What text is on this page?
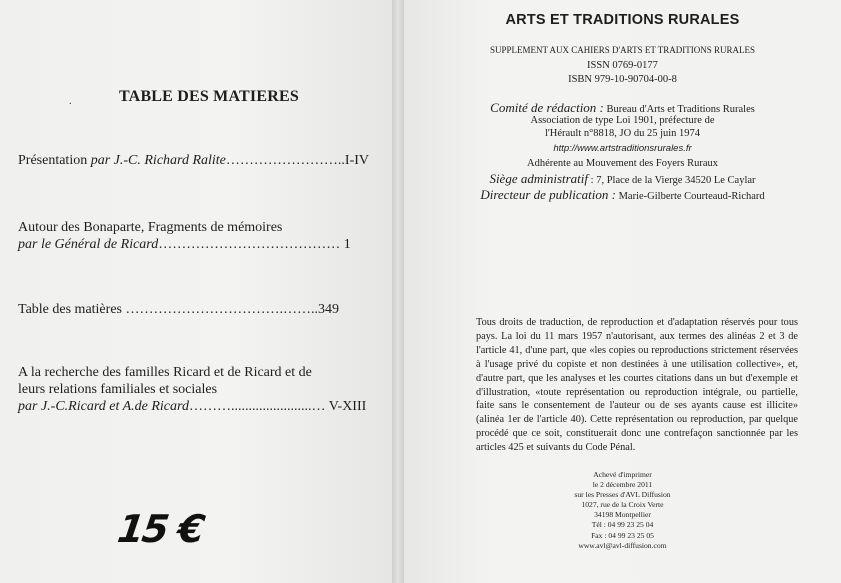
.	TABLE DES MATIERES
Présentation par J.-C. Richard Ralite……………………..I-IV
Autour des Bonaparte, Fragments de mémoires
par le Général de Ricard………………………………… 1
Table des matières …………………………….……..349
A la recherche des familles Ricard et de Ricard et de
leurs relations familiales et sociales
par J.-C.Ricard et A.de Ricard……….......................… V-XIII
15 €
ARTS ET TRADITIONS RURALES
SUPPLEMENT AUX CAHIERS D'ARTS ET TRADITIONS RURALES
ISSN 0769-0177
ISBN 979-10-90704-00-8
Comité de rédaction : Bureau d'Arts et Traditions Rurales
Association de type Loi 1901, préfecture de
l'Hérault n°8818, JO du 25 juin 1974
http://www.artstraditionsrurales.fr
Adhérente au Mouvement des Foyers Ruraux
Siège administratif : 7, Place de la Vierge 34520 Le Caylar
Directeur de publication : Marie-Gilberte Courteaud-Richard
Tous droits de traduction, de reproduction et d'adaptation réservés pour tous pays. La loi du 11 mars 1957 n'autorisant, aux termes des alinéas 2 et 3 de l'article 41, d'une part, que «les copies ou reproductions strictement réservées à l'usage privé du copiste et non destinées à une utilisation collective», et, d'autre part, que les analyses et les courtes citations dans un but d'exemple et d'illustration, «toute représentation ou reproduction intégrale, ou partielle, faite sans le consentement de l'auteur ou de ses ayants cause est illicite» (alinéa 1er de l'article 40). Cette représentation ou reproduction, par quelque procédé que ce soit, constituerait donc une contrefaçon sanctionnée par les articles 425 et suivants du Code Pénal.
Achevé d'imprimer
le 2 décembre 2011
sur les Presses d'AVL Diffusion
1027, rue de la Croix Verte
34198 Montpellier
Tél : 04 99 23 25 04
Fax : 04 99 23 25 05
www.avl@avl-diffusion.com
